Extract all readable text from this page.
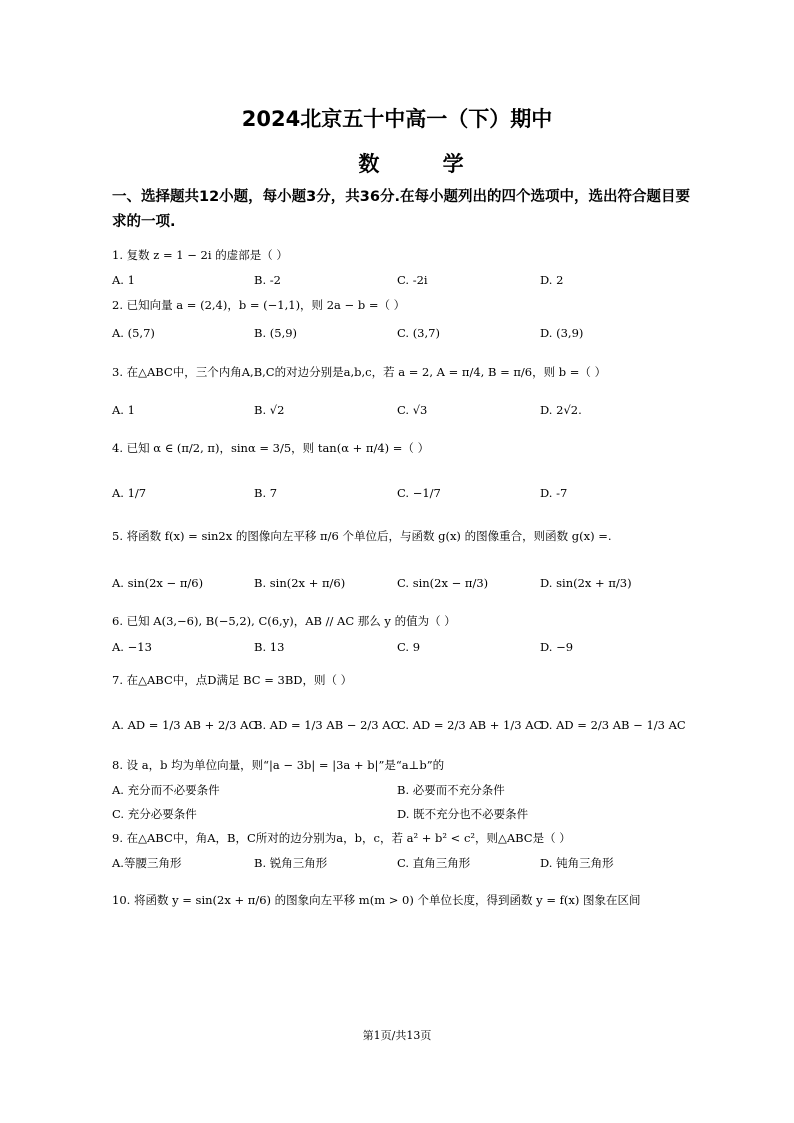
2024北京五十中高一（下）期中
数 学
一、选择题共12小题，每小题3分，共36分.在每小题列出的四个选项中，选出符合题目要求的一项.
1. 复数 z = 1 − 2i 的虚部是（ ）
A. 1	B. -2	C. -2i	D. 2
2. 已知向量 a = (2,4)，b = (−1,1)，则 2a − b =（ ）
A. (5,7)	B. (5,9)	C. (3,7)	D. (3,9)
3. 在△ABC中，三个内角A,B,C的对边分别是a,b,c，若 a = 2, A = π/4, B = π/6，则 b =（ ）
A. 1	B. √2	C. √3	D. 2√2.
4. 已知 α ∈ (π/2, π)，sinα = 3/5，则 tan(α + π/4) =（ ）
A. 1/7	B. 7	C. −1/7	D. -7
5. 将函数 f(x) = sin2x 的图像向左平移 π/6 个单位后，与函数 g(x) 的图像重合，则函数 g(x) =.
A. sin(2x − π/6)	B. sin(2x + π/6)	C. sin(2x − π/3)	D. sin(2x + π/3)
6. 已知 A(3,−6), B(−5,2), C(6,y)，AB // AC 那么 y 的值为（ ）
A. −13	B. 13	C. 9	D. −9
7. 在△ABC中，点D满足 BC = 3BD，则（ ）
A. AD = 1/3 AB + 2/3 AC
B. AD = 1/3 AB − 2/3 AC
C. AD = 2/3 AB + 1/3 AC
D. AD = 2/3 AB − 1/3 AC
8. 设 a，b 均为单位向量，则“|a − 3b| = |3a + b|”是“a⊥b”的
A. 充分而不必要条件	B. 必要而不充分条件
C. 充分必要条件	D. 既不充分也不必要条件
9. 在△ABC中，角A，B，C所对的边分别为a，b，c，若 a² + b² < c²，则△ABC是（ ）
A.等腰三角形	B. 锐角三角形	C. 直角三角形	D. 钝角三角形
10. 将函数 y = sin(2x + π/6) 的图象向左平移 m(m > 0) 个单位长度，得到函数 y = f(x) 图象在区间
第1页/共13页
